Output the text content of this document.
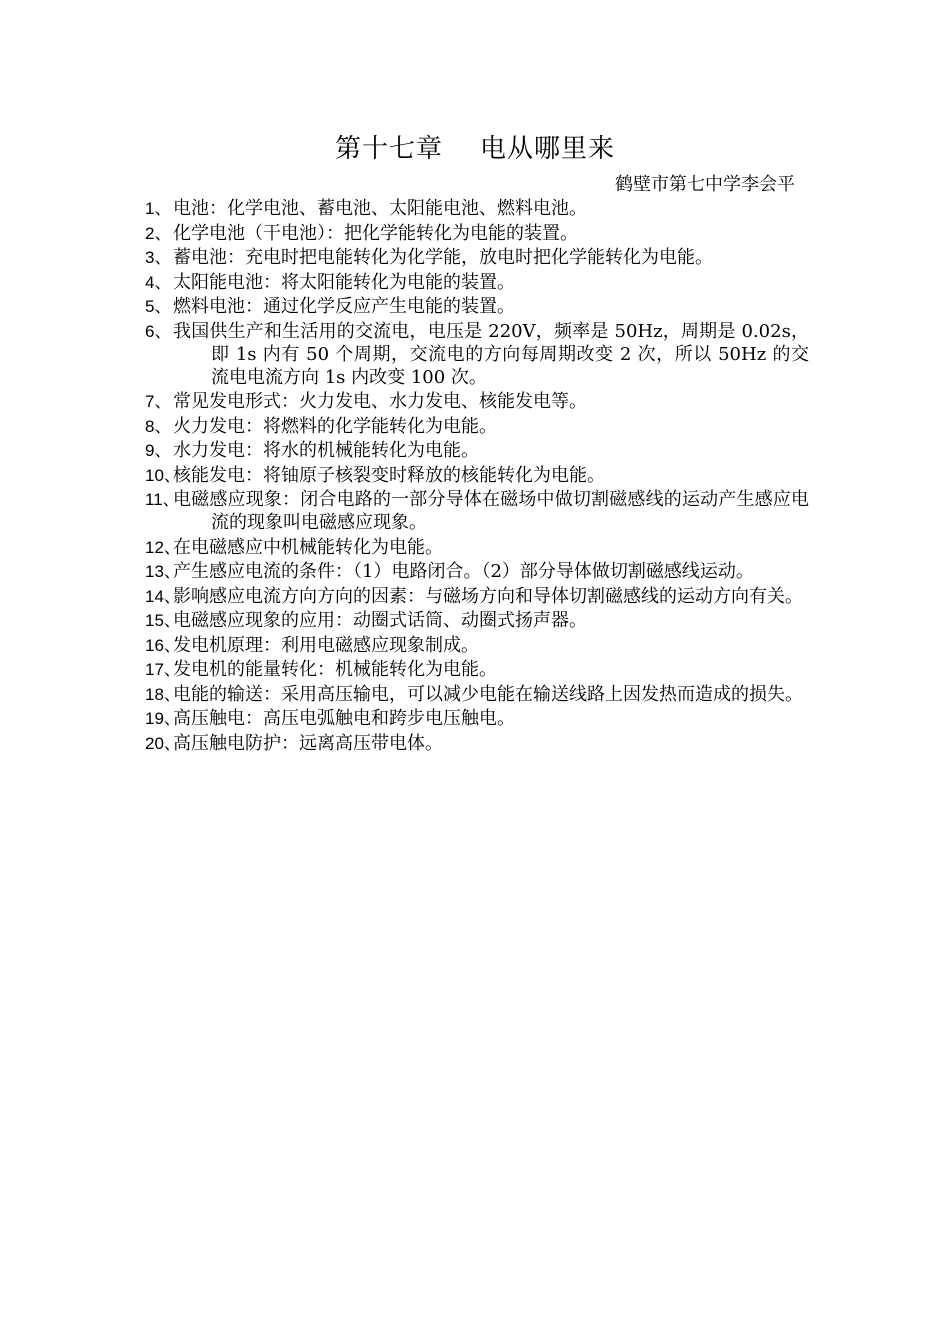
第十七章    电从哪里来
鹤壁市第七中学李会平
1、 电池：化学电池、蓄电池、太阳能电池、燃料电池。
2、 化学电池（干电池）：把化学能转化为电能的装置。
3、 蓄电池：充电时把电能转化为化学能，放电时把化学能转化为电能。
4、 太阳能电池：将太阳能转化为电能的装置。
5、 燃料电池：通过化学反应产生电能的装置。
6、 我国供生产和生活用的交流电，电压是 220V，频率是 50Hz，周期是 0.02s，即 1s 内有 50 个周期，交流电的方向每周期改变 2 次，所以 50Hz 的交流电电流方向 1s 内改变 100 次。
7、 常见发电形式：火力发电、水力发电、核能发电等。
8、 火力发电：将燃料的化学能转化为电能。
9、 水力发电：将水的机械能转化为电能。
10、
核能发电：将铀原子核裂变时释放的核能转化为电能。
11、
电磁感应现象：闭合电路的一部分导体在磁场中做切割磁感线的运动产生感应电流的现象叫电磁感应现象。
12、
在电磁感应中机械能转化为电能。
13、
产生感应电流的条件：（1）电路闭合。（2）部分导体做切割磁感线运动。
14、
影响感应电流方向方向的因素：与磁场方向和导体切割磁感线的运动方向有关。
15、
电磁感应现象的应用：动圈式话筒、动圈式扬声器。
16、
发电机原理：利用电磁感应现象制成。
17、
发电机的能量转化：机械能转化为电能。
18、
电能的输送：采用高压输电，可以减少电能在输送线路上因发热而造成的损失。
19、
高压触电：高压电弧触电和跨步电压触电。
20、
高压触电防护：远离高压带电体。
